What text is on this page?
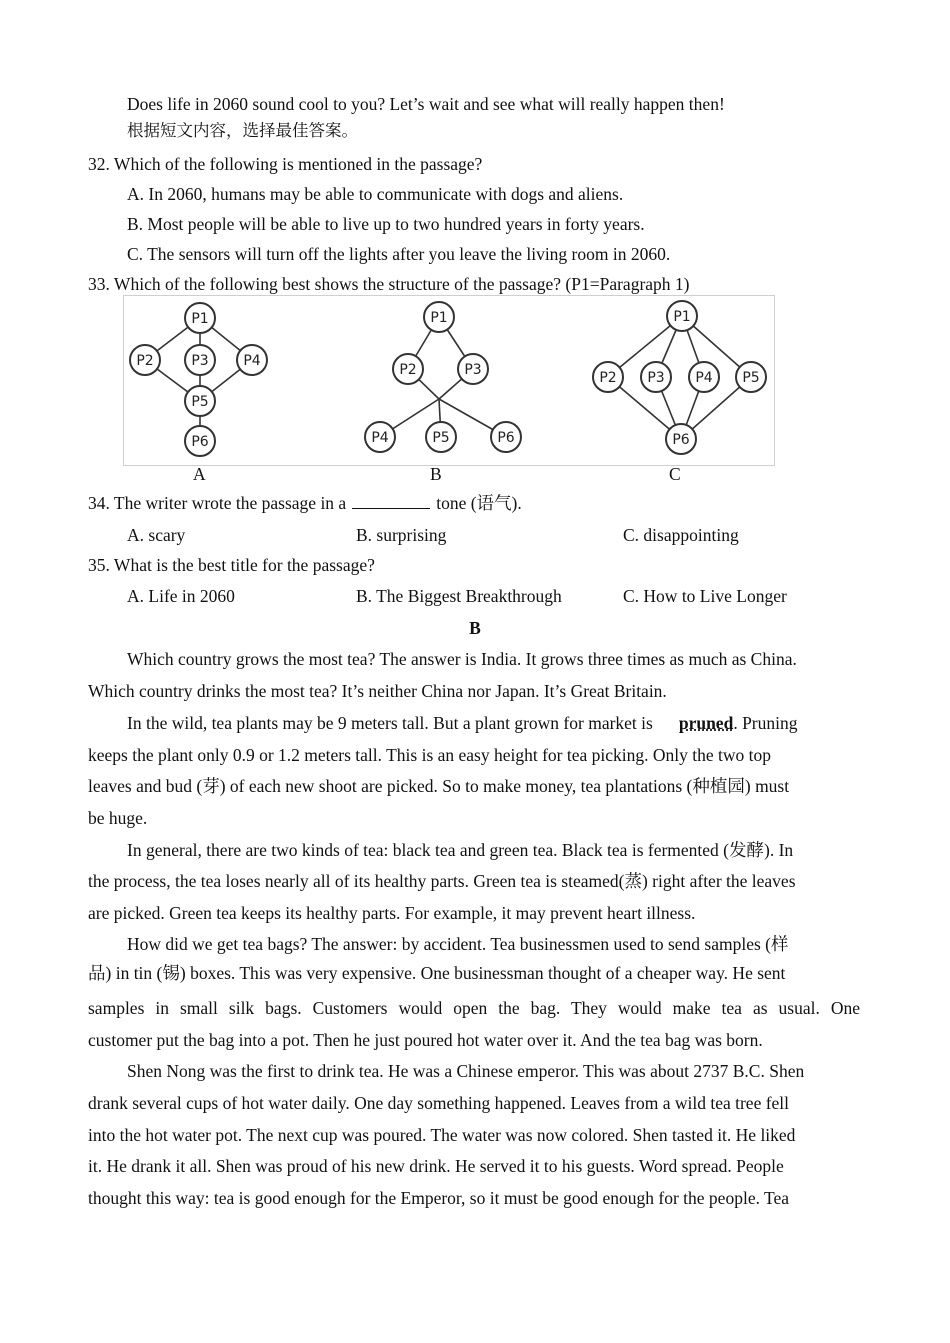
Does life in 2060 sound cool to you? Let’s wait and see what will really happen then!
根据短文内容，选择最佳答案。
32. Which of the following is mentioned in the passage?
A. In 2060, humans may be able to communicate with dogs and aliens.
B. Most people will be able to live up to two hundred years in forty years.
C. The sensors will turn off the lights after you leave the living room in 2060.
33. Which of the following best shows the structure of the passage? (P1=Paragraph 1)
P1
P2	P3 P4
P5
P6
P1
P2	P3
P4	P5	P6
P1
P2 P3 P4 P5
P6
A	B	C
34. The writer wrote the passage in a	tone (语气).
A. scary	B. surprising	C. disappointing
35. What is the best title for the passage?
A. Life in 2060	B. The Biggest Breakthrough	C. How to Live Longer
B
Which country grows the most tea? The answer is India. It grows three times as much as China.
Which country drinks the most tea? It’s neither China nor Japan. It’s Great Britain.
In the wild, tea plants may be 9 meters tall. But a plant grown for market is pruned. Pruning
keeps the plant only 0.9 or 1.2 meters tall. This is an easy height for tea picking. Only the two top
leaves and bud (芽) of each new shoot are picked. So to make money, tea plantations (种植园) must
be huge.
In general, there are two kinds of tea: black tea and green tea. Black tea is fermented (发酵). In
the process, the tea loses nearly all of its healthy parts. Green tea is steamed(蒸) right after the leaves
are picked. Green tea keeps its healthy parts. For example, it may prevent heart illness.
How did we get tea bags? The answer: by accident. Tea businessmen used to send samples (样
品) in tin (锡) boxes. This was very expensive. One businessman thought of a cheaper way. He sent
samples in small silk bags. Customers would open the bag. They would make tea as usual. One
customer put the bag into a pot. Then he just poured hot water over it. And the tea bag was born.
Shen Nong was the first to drink tea. He was a Chinese emperor. This was about 2737 B.C. Shen
drank several cups of hot water daily. One day something happened. Leaves from a wild tea tree fell
into the hot water pot. The next cup was poured. The water was now colored. Shen tasted it. He liked
it. He drank it all. Shen was proud of his new drink. He served it to his guests. Word spread. People
thought this way: tea is good enough for the Emperor, so it must be good enough for the people. Tea
